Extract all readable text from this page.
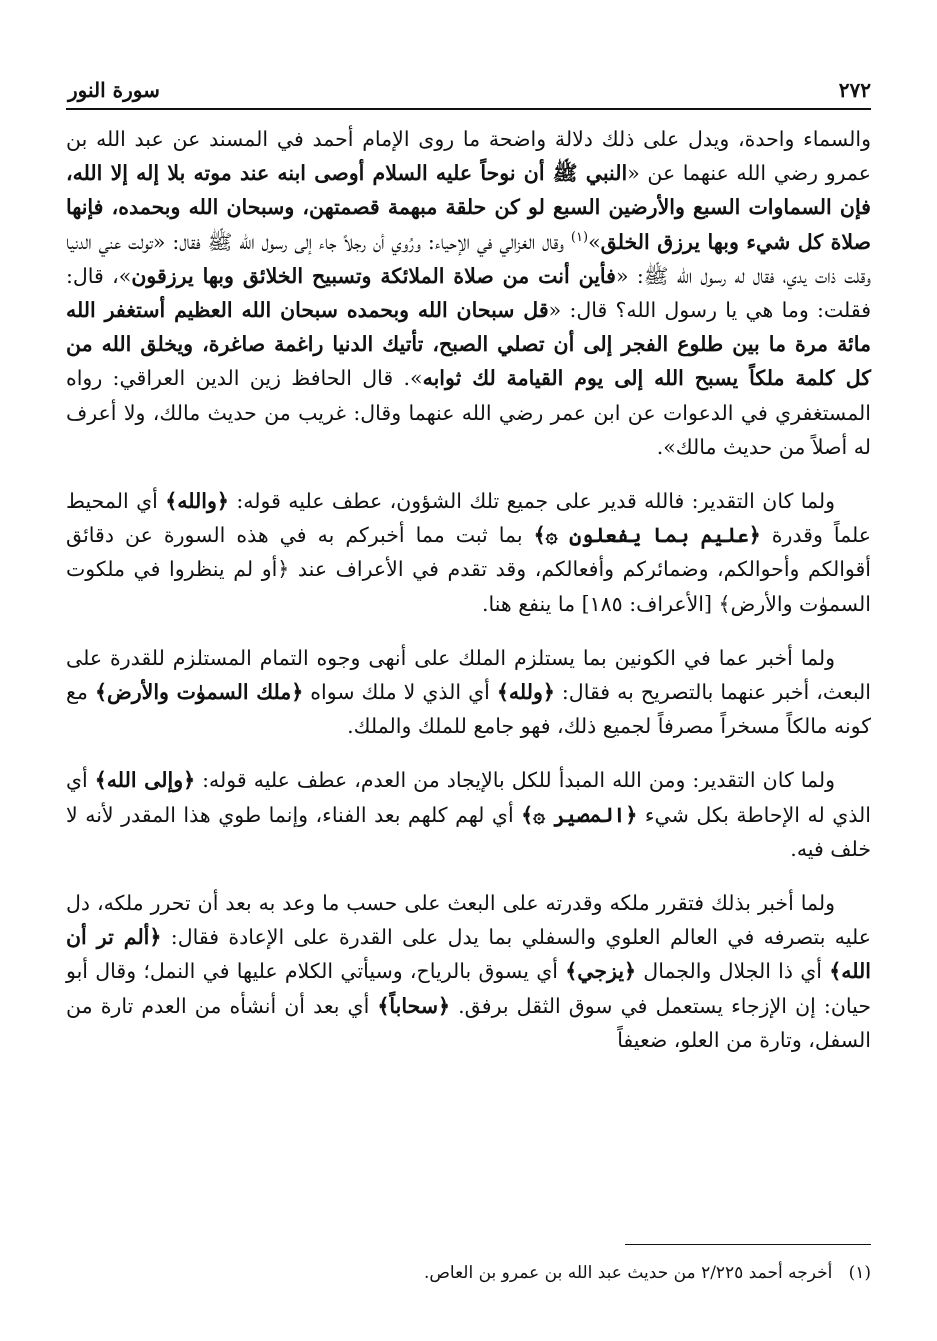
٢٧٢
سورة النور

والسماء واحدة، ويدل على ذلك دلالة واضحة ما روى الإمام أحمد في المسند عن عبد الله بن عمرو رضي الله عنهما عن «النبي ﷺ أن نوحاً عليه السلام أوصى ابنه عند موته بلا إله إلا الله، فإن السماوات السبع والأرضين السبع لو كن حلقة مبهمة قصمتهن، وسبحان الله وبحمده، فإنها صلاة كل شيء وبها يرزق الخلق»$^{(١)}$ وقال الغزالي في الإحياء: ورُوي أن رجلاً جاء إلى رسول الله ﷺ فقال: «تولت عني الدنيا وقلت ذات يدي، فقال له رسول الله ﷺ: «فأين أنت من صلاة الملائكة وتسبيح الخلائق وبها يرزقون»، قال: فقلت: وما هي يا رسول الله؟ قال: «قل سبحان الله وبحمده سبحان الله العظيم أستغفر الله مائة مرة ما بين طلوع الفجر إلى أن تصلي الصبح، تأتيك الدنيا راغمة صاغرة، ويخلق الله من كل كلمة ملكاً يسبح الله إلى يوم القيامة لك ثوابه». قال الحافظ زين الدين العراقي: رواه المستغفري في الدعوات عن ابن عمر رضي الله عنهما وقال: غريب من حديث مالك، ولا أعرف له أصلاً من حديث مالك».

ولما كان التقدير: فالله قدير على جميع تلك الشؤون، عطف عليه قوله: ﴿والله﴾ أي المحيط علماً وقدرة ﴿عليم بما يفعلون ۞﴾ بما ثبت مما أخبركم به في هذه السورة عن دقائق أقوالكم وأحوالكم، وضمائركم وأفعالكم، وقد تقدم في الأعراف عند ﴿أو لم ينظروا في ملكوت السموٰت والأرض﴾ [الأعراف: ١٨٥] ما ينفع هنا.

ولما أخبر عما في الكونين بما يستلزم الملك على أنهى وجوه التمام المستلزم للقدرة على البعث، أخبر عنهما بالتصريح به فقال: ﴿ولله﴾ أي الذي لا ملك سواه ﴿ملك السموٰت والأرض﴾ مع كونه مالكاً مسخراً مصرفاً لجميع ذلك، فهو جامع للملك والملك.

ولما كان التقدير: ومن الله المبدأ للكل بالإيجاد من العدم، عطف عليه قوله: ﴿وإلى الله﴾ أي الذي له الإحاطة بكل شيء ﴿المصير ۞﴾ أي لهم كلهم بعد الفناء، وإنما طوي هذا المقدر لأنه لا خلف فيه.

ولما أخبر بذلك فتقرر ملكه وقدرته على البعث على حسب ما وعد به بعد أن تحرر ملكه، دل عليه بتصرفه في العالم العلوي والسفلي بما يدل على القدرة على الإعادة فقال: ﴿ألم تر أن الله﴾ أي ذا الجلال والجمال ﴿يزجي﴾ أي يسوق بالرياح، وسيأتي الكلام عليها في النمل؛ وقال أبو حيان: إن الإزجاء يستعمل في سوق الثقل برفق. ﴿سحاباً﴾ أي بعد أن أنشأه من العدم تارة من السفل، وتارة من العلو، ضعيفاً

(١)   أخرجه أحمد ٢/٢٢٥ من حديث عبد الله بن عمرو بن العاص.
